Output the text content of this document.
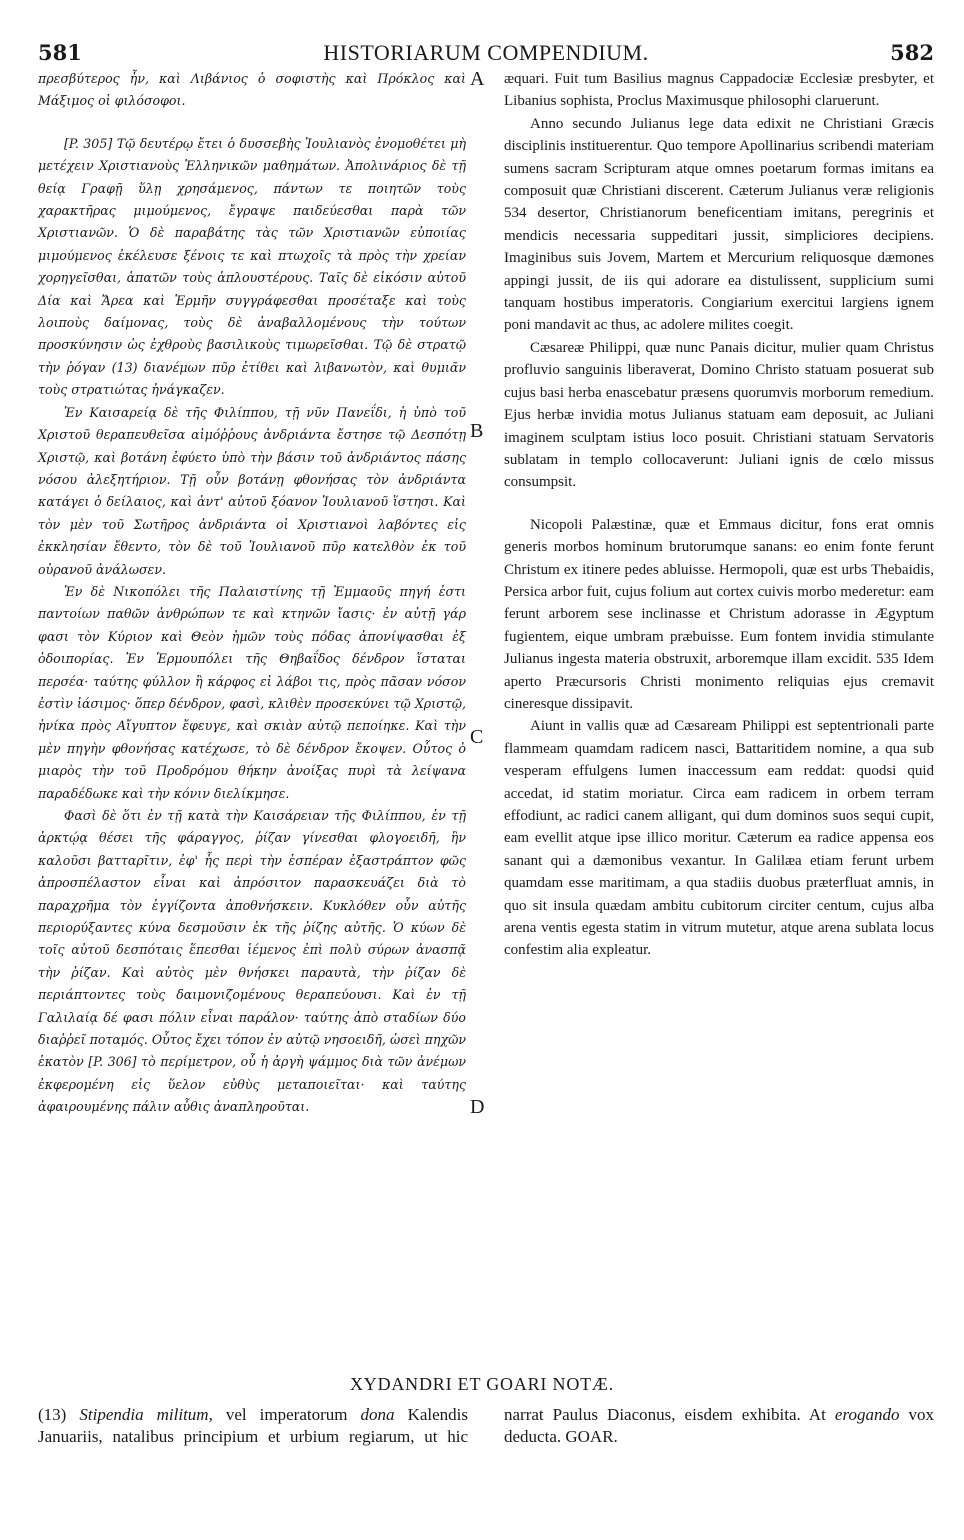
581	HISTORIARUM COMPENDIUM.	582

πρεσβύτερος ἦν, καὶ Λιβάνιος ὁ σοφιστὴς καὶ Πρόκλος καὶ Μάξιμος οἱ φιλόσοφοι.

[P. 305] Τῷ δευτέρῳ ἔτει ὁ δυσσεβὴς Ἰουλιανὸς ἐνομοθέτει μὴ μετέχειν Χριστιανοὺς Ἑλληνικῶν μαθημάτων. Ἀπολινάριος δὲ τῇ θείᾳ Γραφῇ ὕλῃ χρησάμενος, πάντων τε ποιητῶν τοὺς χαρακτῆρας μιμούμενος, ἔγραψε παιδεύεσθαι παρὰ τῶν Χριστιανῶν. Ὁ δὲ παραβάτης τὰς τῶν Χριστιανῶν εὐποιίας μιμούμενος ἐκέλευσε ξένοις τε καὶ πτωχοῖς τὰ πρὸς τὴν χρείαν χορηγεῖσθαι, ἁπατῶν τοὺς ἁπλουστέρους. Ταῖς δὲ εἰκόσιν αὐτοῦ Δία καὶ Ἄρεα καὶ Ἑρμῆν συγγράφεσθαι προσέταξε καὶ τοὺς λοιποὺς δαίμονας, τοὺς δὲ ἀναβαλλομένους τὴν τούτων προσκύνησιν ὡς ἐχθροὺς βασιλικοὺς τιμωρεῖσθαι. Τῷ δὲ στρατῷ τὴν ῥόγαν (13) διανέμων πῦρ ἐτίθει καὶ λιβανωτὸν, καὶ θυμιᾶν τοὺς στρατιώτας ἠνάγκαζεν.

Ἐν Καισαρείᾳ δὲ τῆς Φιλίππου, τῇ νῦν Πανεΐδι, ἡ ὑπὸ τοῦ Χριστοῦ θεραπευθεῖσα αἱμόῤῥους ἀνδριάντα ἔστησε τῷ Δεσπότῃ Χριστῷ, καὶ βοτάνη ἐφύετο ὑπὸ τὴν βάσιν τοῦ ἀνδριάντος πάσης νόσου ἀλεξητήριον. Τῇ οὖν βοτάνῃ φθονήσας τὸν ἀνδριάντα κατάγει ὁ δείλαιος, καὶ ἀντ' αὐτοῦ ξόανον Ἰουλιανοῦ ἵστησι. Καὶ τὸν μὲν τοῦ Σωτῆρος ἀνδριάντα οἱ Χριστιανοὶ λαβόντες εἰς ἐκκλησίαν ἔθεντο, τὸν δὲ τοῦ Ἰουλιανοῦ πῦρ κατελθὸν ἐκ τοῦ οὐρανοῦ ἀνάλωσεν.

Ἐν δὲ Νικοπόλει τῆς Παλαιστίνης τῇ Ἐμμαοῦς πηγή ἐστι παντοίων παθῶν ἀνθρώπων τε καὶ κτηνῶν ἴασις· ἐν αὐτῇ γάρ φασι τὸν Κύριον καὶ Θεὸν ἡμῶν τοὺς πόδας ἀπονίψασθαι ἐξ ὁδοιπορίας. Ἐν Ἑρμουπόλει τῆς Θηβαΐδος δένδρον ἵσταται περσέα· ταύτης φύλλον ἢ κάρφος εἰ λάβοι τις, πρὸς πᾶσαν νόσον ἐστὶν ἰάσιμος· ὅπερ δένδρον, φασὶ, κλιθὲν προσεκύνει τῷ Χριστῷ, ἡνίκα πρὸς Αἴγυπτον ἔφευγε, καὶ σκιὰν αὐτῷ πεποίηκε. Καὶ τὴν μὲν πηγὴν φθονήσας κατέχωσε, τὸ δὲ δένδρον ἔκοψεν. Οὗτος ὁ μιαρὸς τὴν τοῦ Προδρόμου θήκην ἀνοίξας πυρὶ τὰ λείψανα παραδέδωκε καὶ τὴν κόνιν διελίκμησε.

Φασὶ δὲ ὅτι ἐν τῇ κατὰ τὴν Καισάρειαν τῆς Φιλίππου, ἐν τῇ ἀρκτῴᾳ θέσει τῆς φάραγγος, ῥίζαν γίνεσθαι φλογοειδῆ, ἣν καλοῦσι βατταρῖτιν, ἐφ' ἧς περὶ τὴν ἑσπέραν ἐξαστράπτον φῶς ἀπροσπέλαστον εἶναι καὶ ἀπρόσιτον παρασκευάζει διὰ τὸ παραχρῆμα τὸν ἐγγίζοντα ἀποθνήσκειν. Κυκλόθεν οὖν αὐτῆς περιορύξαντες κύνα δεσμοῦσιν ἐκ τῆς ῥίζης αὐτῆς. Ὁ κύων δὲ τοῖς αὐτοῦ δεσπόταις ἕπεσθαι ἱέμενος ἐπὶ πολὺ σύρων ἀνασπᾷ τὴν ῥίζαν. Καὶ αὐτὸς μὲν θνήσκει παραυτὰ, τὴν ῥίζαν δὲ περιάπτοντες τοὺς δαιμονιζομένους θεραπεύουσι. Καὶ ἐν τῇ Γαλιλαίᾳ δέ φασι πόλιν εἶναι παράλον· ταύτης ἀπὸ σταδίων δύο διαῤῥεῖ ποταμός. Οὗτος ἔχει τόπον ἐν αὐτῷ νησοειδῆ, ὡσεὶ πηχῶν ἑκατὸν [P. 306] τὸ περίμετρον, οὗ ἡ ἀργὴ ψάμμος διὰ τῶν ἀνέμων ἐκφερομένη εἰς ὕελον εὐθὺς μεταποιεῖται· καὶ ταύτης ἀφαιρουμένης πάλιν αὖθις ἀναπληροῦται.

A
B
C
D

æquari. Fuit tum Basilius magnus Cappadociæ Ecclesiæ presbyter, et Libanius sophista, Proclus Maximusque philosophi claruerunt.

Anno secundo Julianus lege data edixit ne Christiani Græcis disciplinis instituerentur. Quo tempore Apollinarius scribendi materiam sumens sacram Scripturam atque omnes poetarum formas imitans ea composuit quæ Christiani discerent. Cæterum Julianus veræ religionis 534 desertor, Christianorum beneficentiam imitans, peregrinis et mendicis necessaria suppeditari jussit, simpliciores decipiens. Imaginibus suis Jovem, Martem et Mercurium reliquosque dæmones appingi jussit, de iis qui adorare ea distulissent, supplicium sumi tanquam hostibus imperatoris. Congiarium exercitui largiens ignem poni mandavit ac thus, ac adolere milites coegit.

Cæsareæ Philippi, quæ nunc Panais dicitur, mulier quam Christus profluvio sanguinis liberaverat, Domino Christo statuam posuerat sub cujus basi herba enascebatur præsens quorumvis morborum remedium. Ejus herbæ invidia motus Julianus statuam eam deposuit, ac Juliani imaginem sculptam istius loco posuit. Christiani statuam Servatoris sublatam in templo collocaverunt: Juliani ignis de cœlo missus consumpsit.

Nicopoli Palæstinæ, quæ et Emmaus dicitur, fons erat omnis generis morbos hominum brutorumque sanans: eo enim fonte ferunt Christum ex itinere pedes abluisse. Hermopoli, quæ est urbs Thebaidis, Persica arbor fuit, cujus folium aut cortex cuivis morbo mederetur: eam ferunt arborem sese inclinasse et Christum adorasse in Ægyptum fugientem, eique umbram præbuisse. Eum fontem invidia stimulante Julianus ingesta materia obstruxit, arboremque illam excidit. 535 Idem aperto Præcursoris Christi monimento reliquias ejus cremavit cineresque dissipavit.

Aiunt in vallis quæ ad Cæsaream Philippi est septentrionali parte flammeam quamdam radicem nasci, Battaritidem nomine, a qua sub vesperam effulgens lumen inaccessum eam reddat: quodsi quid accedat, id statim moriatur. Circa eam radicem in orbem terram effodiunt, ac radici canem alligant, qui dum dominos suos sequi cupit, eam evellit atque ipse illico moritur. Cæterum ea radice appensa eos sanant qui a dæmonibus vexantur. In Galilæa etiam ferunt urbem quamdam esse maritimam, a qua stadiis duobus præterfluat amnis, in quo sit insula quædam ambitu cubitorum circiter centum, cujus alba arena ventis egesta statim in vitrum mutetur, atque arena sublata locus confestim alia expleatur.

XYDANDRI ET GOARI NOTÆ.

(13) Stipendia militum, vel imperatorum dona Kalendis Januariis, natalibus principium et urbium regiarum, ut hic narrat Paulus Diaconus, eisdem exhibita. At erogando vox deducta. GOAR.
